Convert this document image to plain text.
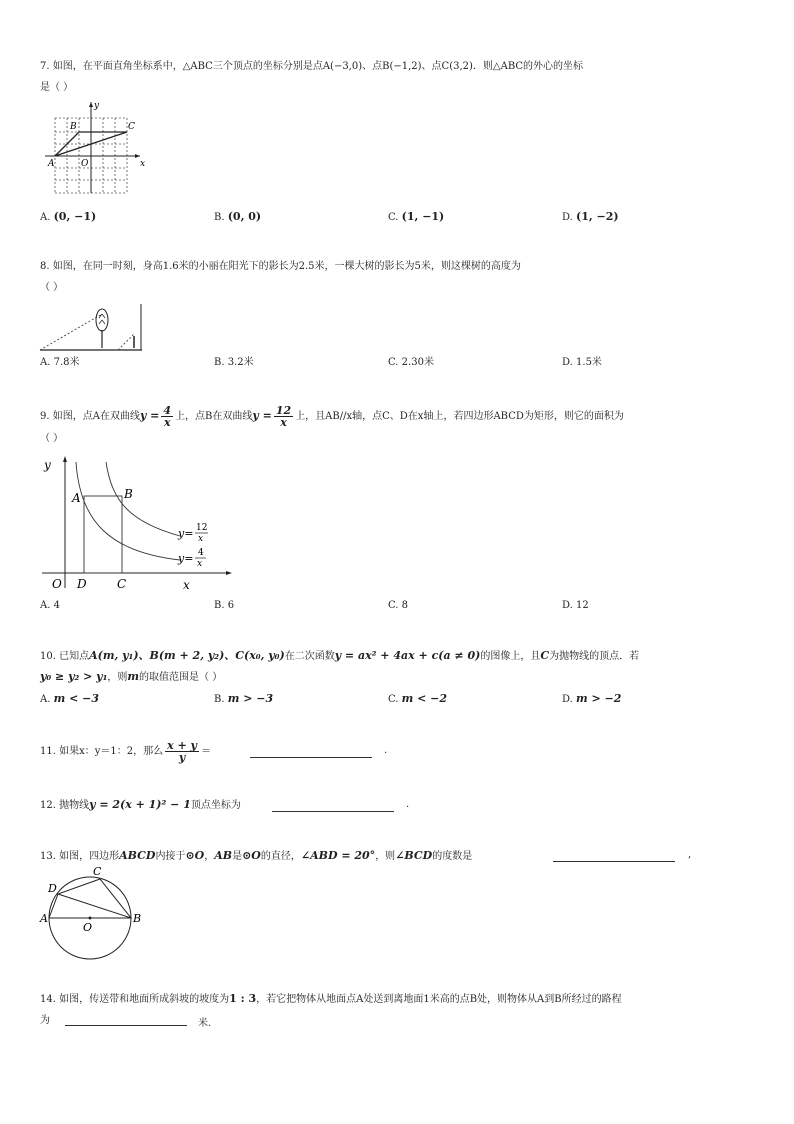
7. 如图，在平面直角坐标系中，△ABC三个顶点的坐标分别是点A(−3,0)、点B(−1,2)、点C(3,2)．则△ABC的外心的坐标
是（ ）
y
x
A
B	C
O
A. (0, −1)	B. (0, 0)	C. (1, −1)	D. (1, −2)
8. 如图，在同一时刻，身高1.6米的小丽在阳光下的影长为2.5米，一棵大树的影长为5米，则这棵树的高度为
（ ）
A. 7.8米	B. 3.2米	C. 2.30米	D. 1.5米
9. 如图，点A在双曲线$y = \frac{4}{x}$ 上，点B在双曲线$y = \frac{12}{x}$ 上，且AB//x轴，点C、D在x轴上，若四边形ABCD为矩形，则它的面积为
（ ）
y
x
O D	C
A	B
y= 12
x
y= 4
x
A. 4	B. 6	C. 8	D. 12
10. 已知点A(m, y₁)、B(m + 2, y₂)、C(x₀, y₀)在二次函数y = ax² + 4ax + c(a ≠ 0)的图像上，且C为抛物线的顶点．若
y₀ ≥ y₂ > y₁，则m的取值范围是（ ）
A. m < −3	B. m > −3	C. m < −2	D. m > −2
11. 如果x：y＝1：2，那么 $\frac{x + y}{y}$ ＝	.
12. 抛物线y = 2(x + 1)² − 1顶点坐标为	.
13. 如图，四边形ABCD内接于⊙O，AB是⊙O的直径，∠ABD = 20°，则∠BCD的度数是	,
A	B
C
D
O
14. 如图，传送带和地面所成斜坡的坡度为1 : 3，若它把物体从地面点A处送到离地面1米高的点B处，则物体从A到B所经过的路程
为	米.
